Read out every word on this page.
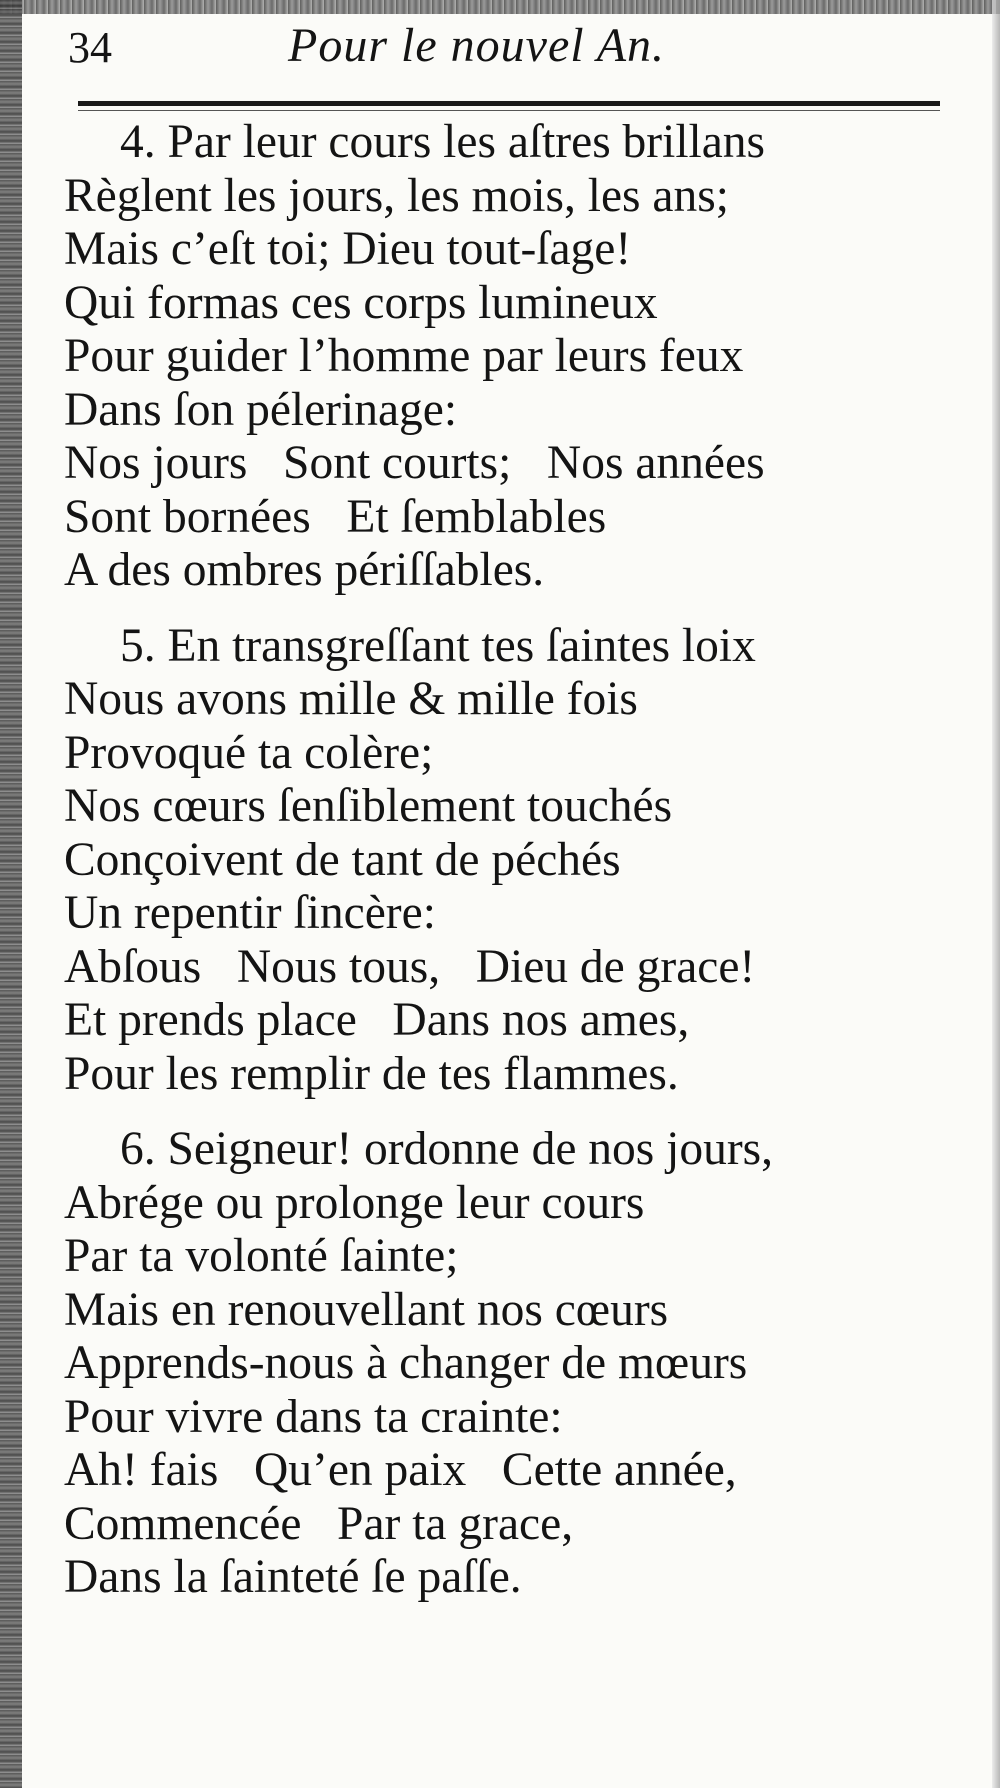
34	Pour le nouvel An.
4. Par leur cours les aſtres brillans
Règlent les jours, les mois, les ans;
Mais c’eſt toi; Dieu tout-ſage!
Qui formas ces corps lumineux
Pour guider l’homme par leurs feux
Dans ſon pélerinage:
Nos jours   Sont courts;   Nos années
Sont bornées   Et ſemblables
A des ombres périſſables.
5. En transgreſſant tes ſaintes loix
Nous avons mille & mille fois
Provoqué ta colère;
Nos cœurs ſenſiblement touchés
Conçoivent de tant de péchés
Un repentir ſincère:
Abſous   Nous tous,   Dieu de grace!
Et prends place   Dans nos ames,
Pour les remplir de tes flammes.
6. Seigneur! ordonne de nos jours,
Abrége ou prolonge leur cours
Par ta volonté ſainte;
Mais en renouvellant nos cœurs
Apprends-nous à changer de mœurs
Pour vivre dans ta crainte:
Ah! fais   Qu’en paix   Cette année,
Commencée   Par ta grace,
Dans la ſainteté ſe paſſe.
